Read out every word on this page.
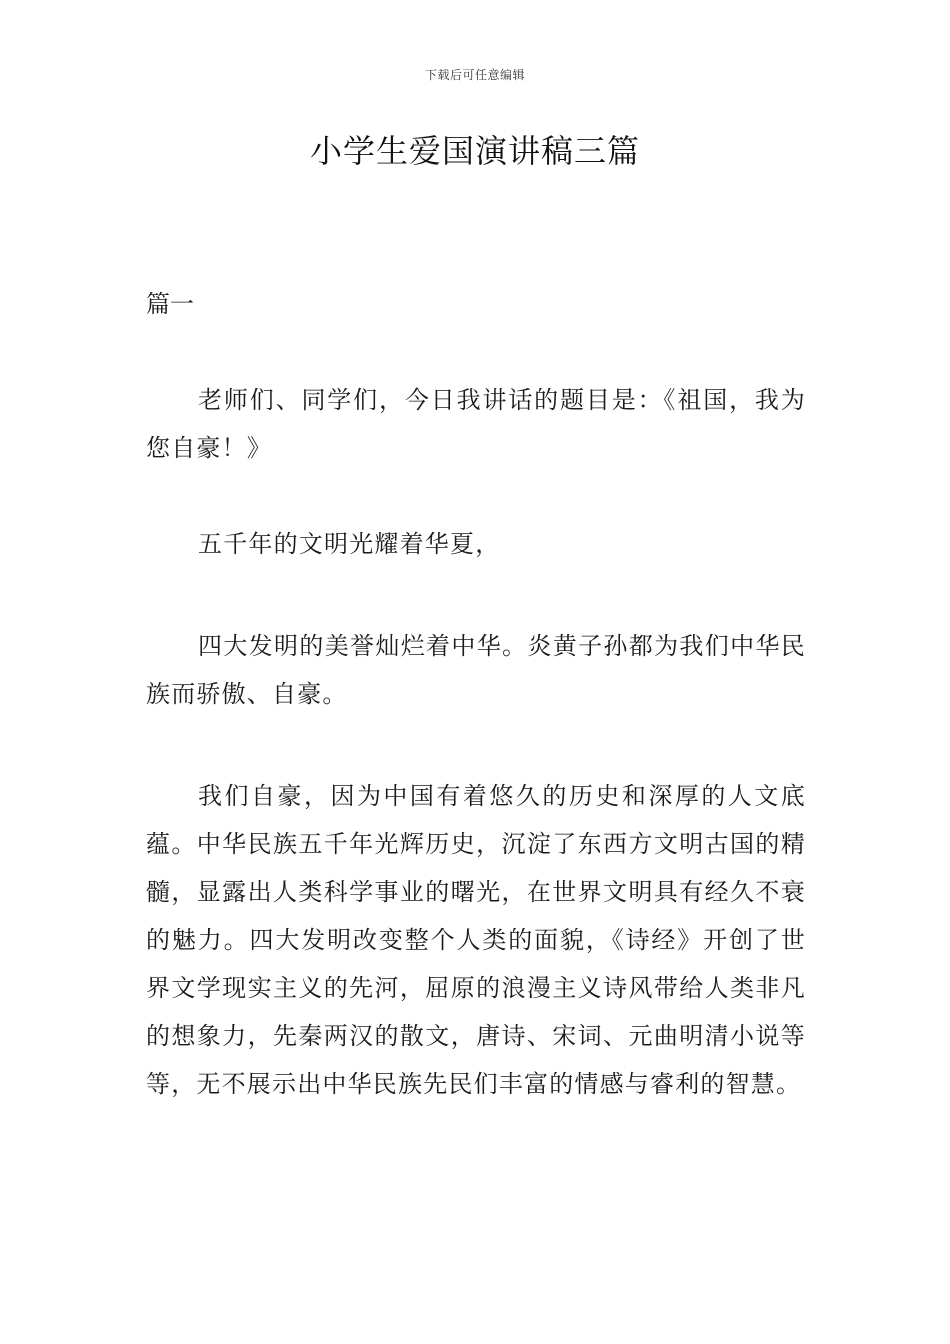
下载后可任意编辑
小学生爱国演讲稿三篇

篇一

老师们、同学们，今日我讲话的题目是：《祖国，我为您自豪！》

五千年的文明光耀着华夏，

四大发明的美誉灿烂着中华。炎黄子孙都为我们中华民族而骄傲、自豪。

我们自豪，因为中国有着悠久的历史和深厚的人文底蕴。中华民族五千年光辉历史，沉淀了东西方文明古国的精髓，显露出人类科学事业的曙光，在世界文明具有经久不衰的魅力。四大发明改变整个人类的面貌，《诗经》开创了世界文学现实主义的先河，屈原的浪漫主义诗风带给人类非凡的想象力，先秦两汉的散文，唐诗、宋词、元曲明清小说等等，无不展示出中华民族先民们丰富的情感与睿利的智慧。
